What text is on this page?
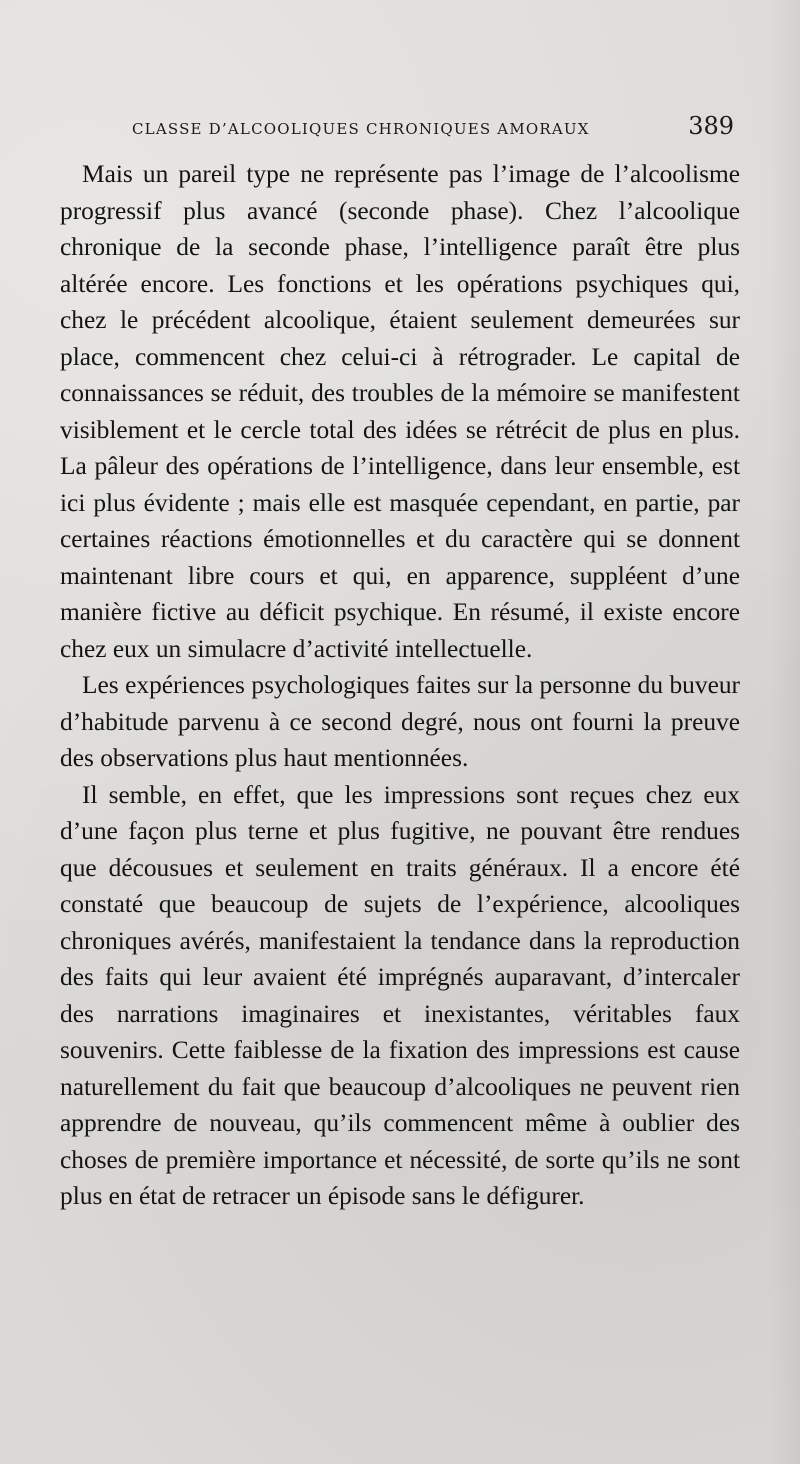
CLASSE D’ALCOOLIQUES CHRONIQUES AMORAUX	389

Mais un pareil type ne représente pas l’image de l’alcoolisme progressif plus avancé (seconde phase). Chez l’alcoolique chronique de la seconde phase, l’intelligence paraît être plus altérée encore. Les fonctions et les opérations psychiques qui, chez le précédent alcoolique, étaient seulement demeurées sur place, commencent chez celui-ci à rétrograder. Le capital de connaissances se réduit, des troubles de la mémoire se manifestent visiblement et le cercle total des idées se rétrécit de plus en plus. La pâleur des opérations de l’intelligence, dans leur ensemble, est ici plus évidente ; mais elle est masquée cependant, en partie, par certaines réactions émotionnelles et du caractère qui se donnent maintenant libre cours et qui, en apparence, suppléent d’une manière fictive au déficit psychique. En résumé, il existe encore chez eux un simulacre d’activité intellectuelle.

Les expériences psychologiques faites sur la personne du buveur d’habitude parvenu à ce second degré, nous ont fourni la preuve des observations plus haut mentionnées.

Il semble, en effet, que les impressions sont reçues chez eux d’une façon plus terne et plus fugitive, ne pouvant être rendues que décousues et seulement en traits généraux. Il a encore été constaté que beaucoup de sujets de l’expérience, alcooliques chroniques avérés, manifestaient la tendance dans la reproduction des faits qui leur avaient été imprégnés auparavant, d’intercaler des narrations imaginaires et inexistantes, véritables faux souvenirs. Cette faiblesse de la fixation des impressions est cause naturellement du fait que beaucoup d’alcooliques ne peuvent rien apprendre de nouveau, qu’ils commencent même à oublier des choses de première importance et nécessité, de sorte qu’ils ne sont plus en état de retracer un épisode sans le défigurer.
